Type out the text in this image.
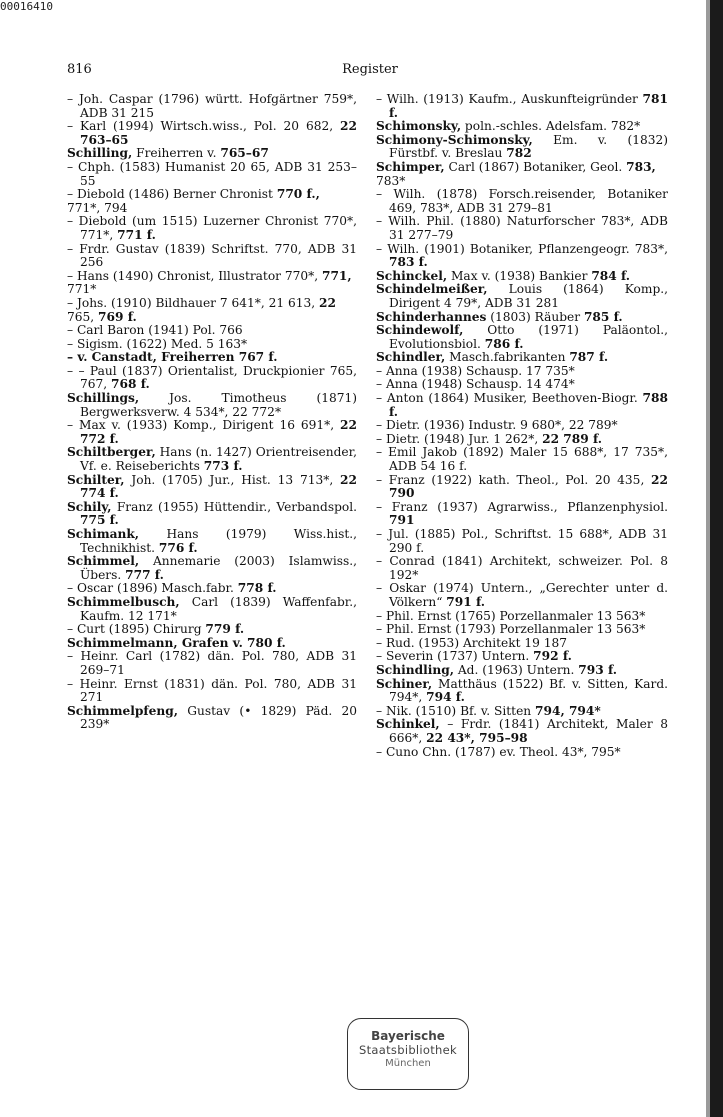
00016410
816	Register

– Joh. Caspar (1796) württ. Hofgärtner 759*, ADB 31 215

– Karl (1994) Wirtsch.wiss., Pol. 20 682, 22 763–65

Schilling, Freiherren v. 765–67

– Chph. (1583) Humanist 20 65, ADB 31 253–55

– Diebold (1486) Berner Chronist 770 f.,

771*, 794

– Diebold (um 1515) Luzerner Chronist 770*, 771*, 771 f.

– Frdr. Gustav (1839) Schriftst. 770, ADB 31 256

– Hans (1490) Chronist, Illustrator 770*, 771,

771*

– Johs. (1910) Bildhauer 7 641*, 21 613, 22

765, 769 f.

– Carl Baron (1941) Pol. 766

– Sigism. (1622) Med. 5 163*

– v. Canstadt, Freiherren 767 f.

– – Paul (1837) Orientalist, Druckpionier 765, 767, 768 f.

Schillings, Jos. Timotheus (1871) Bergwerksverw. 4 534*, 22 772*

– Max v. (1933) Komp., Dirigent 16 691*, 22 772 f.

Schiltberger, Hans (n. 1427) Orientreisender, Vf. e. Reiseberichts 773 f.

Schilter, Joh. (1705) Jur., Hist. 13 713*, 22 774 f.

Schily, Franz (1955) Hüttendir., Verbandspol. 775 f.

Schimank, Hans (1979) Wiss.hist., Technikhist. 776 f.

Schimmel, Annemarie (2003) Islamwiss., Übers. 777 f.

– Oscar (1896) Masch.fabr. 778 f.

Schimmelbusch, Carl (1839) Waffenfabr., Kaufm. 12 171*

– Curt (1895) Chirurg 779 f.

Schimmelmann, Grafen v. 780 f.

– Heinr. Carl (1782) dän. Pol. 780, ADB 31 269–71

– Heinr. Ernst (1831) dän. Pol. 780, ADB 31 271

Schimmelpfeng, Gustav (• 1829) Päd. 20 239*

– Wilh. (1913) Kaufm., Auskunfteigründer 781 f.

Schimonsky, poln.-schles. Adelsfam. 782*

Schimony-Schimonsky, Em. v. (1832) Fürstbf. v. Breslau 782

Schimper, Carl (1867) Botaniker, Geol. 783,

783*

– Wilh. (1878) Forsch.reisender, Botaniker 469, 783*, ADB 31 279–81

– Wilh. Phil. (1880) Naturforscher 783*, ADB 31 277–79

– Wilh. (1901) Botaniker, Pflanzengeogr. 783*, 783 f.

Schinckel, Max v. (1938) Bankier 784 f.

Schindelmeißer, Louis (1864) Komp., Dirigent 4 79*, ADB 31 281

Schinderhannes (1803) Räuber 785 f.

Schindewolf, Otto (1971) Paläontol., Evolutionsbiol. 786 f.

Schindler, Masch.fabrikanten 787 f.

– Anna (1938) Schausp. 17 735*

– Anna (1948) Schausp. 14 474*

– Anton (1864) Musiker, Beethoven-Biogr. 788 f.

– Dietr. (1936) Industr. 9 680*, 22 789*

– Dietr. (1948) Jur. 1 262*, 22 789 f.

– Emil Jakob (1892) Maler 15 688*, 17 735*, ADB 54 16 f.

– Franz (1922) kath. Theol., Pol. 20 435, 22 790

– Franz (1937) Agrarwiss., Pflanzenphysiol. 791

– Jul. (1885) Pol., Schriftst. 15 688*, ADB 31 290 f.

– Conrad (1841) Architekt, schweizer. Pol. 8 192*

– Oskar (1974) Untern., „Gerechter unter d. Völkern“ 791 f.

– Phil. Ernst (1765) Porzellanmaler 13 563*

– Phil. Ernst (1793) Porzellanmaler 13 563*

– Rud. (1953) Architekt 19 187

– Severin (1737) Untern. 792 f.

Schindling, Ad. (1963) Untern. 793 f.

Schiner, Matthäus (1522) Bf. v. Sitten, Kard. 794*, 794 f.

– Nik. (1510) Bf. v. Sitten 794, 794*

Schinkel, – Frdr. (1841) Architekt, Maler 8 666*, 22 43*, 795–98

– Cuno Chn. (1787) ev. Theol. 43*, 795*

Bayerische
Staatsbibliothek
München
